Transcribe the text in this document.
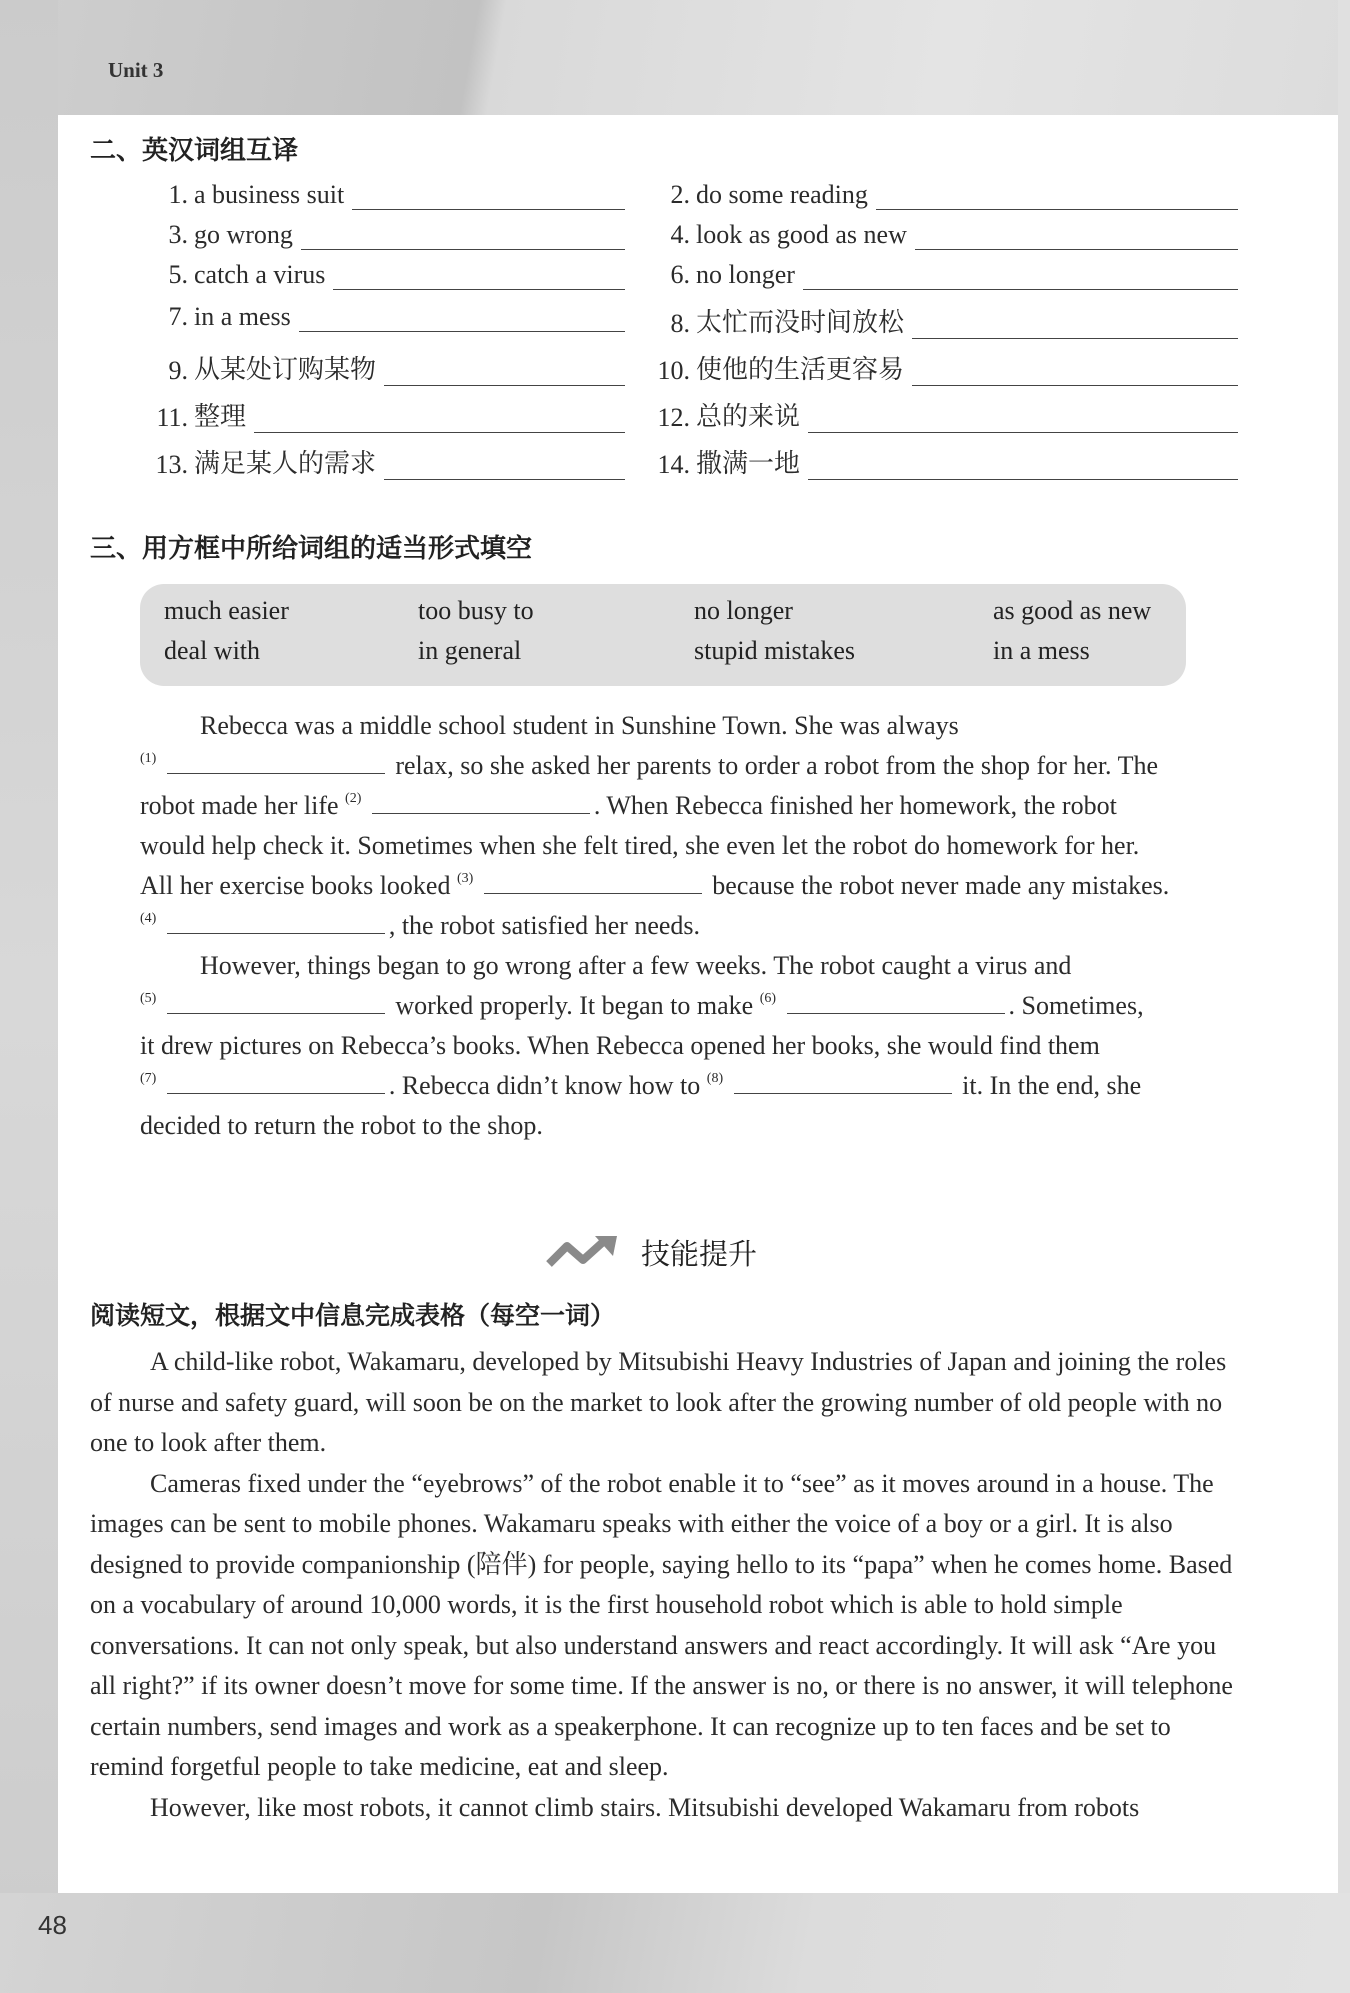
Unit 3
48
二、英汉词组互译
1. a business suit	2. do some reading
3. go wrong	4. look as good as new
5. catch a virus	6. no longer
7. in a mess	8. 太忙而没时间放松
9. 从某处订购某物	10. 使他的生活更容易
11. 整理	12. 总的来说
13. 满足某人的需求	14. 撒满一地
三、用方框中所给词组的适当形式填空
much easier	too busy to	no longer	as good as new
deal with	in general	stupid mistakes	in a mess
Rebecca was a middle school student in Sunshine Town. She was always
$^{(1)}$	relax, so she asked her parents to order a robot from the shop for her. The
robot made her life $^{(2)}$	. When Rebecca finished her homework, the robot
would help check it. Sometimes when she felt tired, she even let the robot do homework for her.
All her exercise books looked $^{(3)}$	because the robot never made any mistakes.
$^{(4)}$	, the robot satisfied her needs.
However, things began to go wrong after a few weeks. The robot caught a virus and
$^{(5)}$	worked properly. It began to make $^{(6)}$	. Sometimes,
it drew pictures on Rebecca’s books. When Rebecca opened her books, she would find them
$^{(7)}$	. Rebecca didn’t know how to $^{(8)}$	it. In the end, she
decided to return the robot to the shop.
技能提升
阅读短文，根据文中信息完成表格（每空一词）

A child-like robot, Wakamaru, developed by Mitsubishi Heavy Industries of Japan and joining the roles of nurse and safety guard, will soon be on the market to look after the growing number of old people with no one to look after them.

Cameras fixed under the “eyebrows” of the robot enable it to “see” as it moves around in a house. The images can be sent to mobile phones. Wakamaru speaks with either the voice of a boy or a girl. It is also designed to provide companionship (陪伴) for people, saying hello to its “papa” when he comes home. Based on a vocabulary of around 10,000 words, it is the first household robot which is able to hold simple conversations. It can not only speak, but also understand answers and react accordingly. It will ask “Are you all right?” if its owner doesn’t move for some time. If the answer is no, or there is no answer, it will telephone certain numbers, send images and work as a speakerphone. It can recognize up to ten faces and be set to remind forgetful people to take medicine, eat and sleep.

However, like most robots, it cannot climb stairs. Mitsubishi developed Wakamaru from robots
